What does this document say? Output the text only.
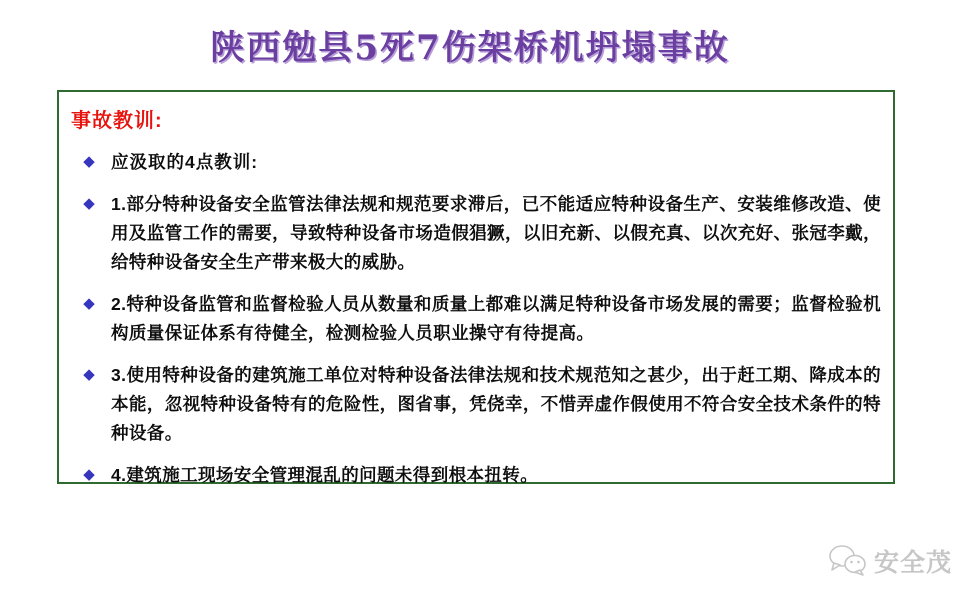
陕西勉县5死7伤架桥机坍塌事故
事故教训:
◆ 应汲取的4点教训:
◆ 1.部分特种设备安全监管法律法规和规范要求滞后，已不能适应特种设备生产、安装维修改造、使用及监管工作的需要，导致特种设备市场造假猖獗，以旧充新、以假充真、以次充好、张冠李戴，给特种设备安全生产带来极大的威胁。
◆ 2.特种设备监管和监督检验人员从数量和质量上都难以满足特种设备市场发展的需要；监督检验机构质量保证体系有待健全，检测检验人员职业操守有待提高。
◆ 3.使用特种设备的建筑施工单位对特种设备法律法规和技术规范知之甚少，出于赶工期、降成本的本能，忽视特种设备特有的危险性，图省事，凭侥幸，不惜弄虚作假使用不符合安全技术条件的特种设备。
◆ 4.建筑施工现场安全管理混乱的问题未得到根本扭转。
安全茂
